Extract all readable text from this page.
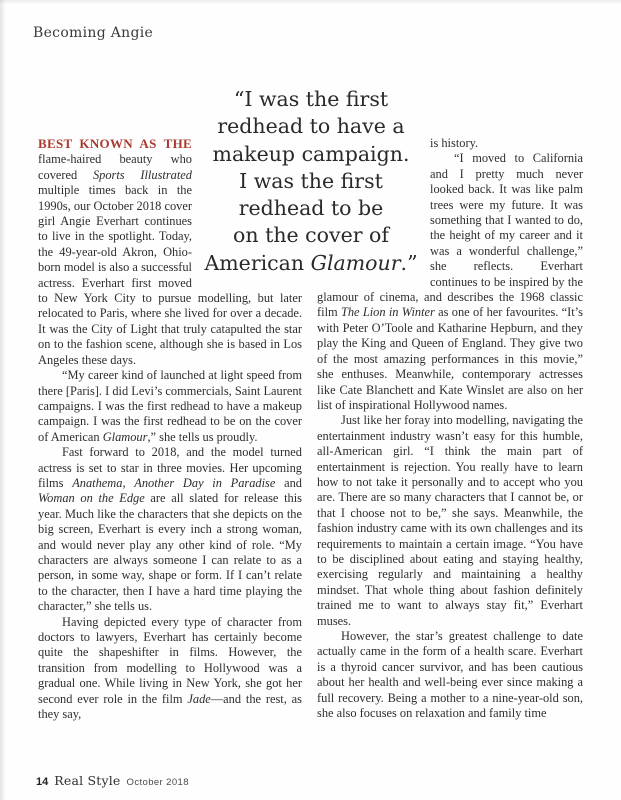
Becoming Angie
“I was the first
redhead to have a
makeup campaign.
I was the first
redhead to be
on the cover of
American Glamour.”

BEST KNOWN AS THE flame-haired beauty who covered Sports Illustrated multiple times back in the 1990s, our October 2018 cover girl Angie Everhart continues to live in the spotlight. Today, the 49-year-old Akron, Ohio-born model is also a successful actress. Everhart first moved to New York City to pursue modelling, but later relocated to Paris, where she lived for over a decade. It was the City of Light that truly catapulted the star on to the fashion scene, although she is based in Los Angeles these days.

“My career kind of launched at light speed from there [Paris]. I did Levi’s commercials, Saint Laurent campaigns. I was the first redhead to have a makeup campaign. I was the first redhead to be on the cover of American Glamour,” she tells us proudly.

Fast forward to 2018, and the model turned actress is set to star in three movies. Her upcoming films Anathema, Another Day in Paradise and Woman on the Edge are all slated for release this year. Much like the characters that she depicts on the big screen, Everhart is every inch a strong woman, and would never play any other kind of role. “My characters are always someone I can relate to as a person, in some way, shape or form. If I can’t relate to the character, then I have a hard time playing the character,” she tells us.

Having depicted every type of character from doctors to lawyers, Everhart has certainly become quite the shapeshifter in films. However, the transition from modelling to Hollywood was a gradual one. While living in New York, she got her second ever role in the film Jade—and the rest, as they say,

is history.

“I moved to California and I pretty much never looked back. It was like palm trees were my future. It was something that I wanted to do, the height of my career and it was a wonderful challenge,” she reflects. Everhart continues to be inspired by the glamour of cinema, and describes the 1968 classic film The Lion in Winter as one of her favourites. “It’s with Peter O’Toole and Katharine Hepburn, and they play the King and Queen of England. They give two of the most amazing performances in this movie,” she enthuses. Meanwhile, contemporary actresses like Cate Blanchett and Kate Winslet are also on her list of inspirational Hollywood names.

Just like her foray into modelling, navigating the entertainment industry wasn’t easy for this humble, all-American girl. “I think the main part of entertainment is rejection. You really have to learn how to not take it personally and to accept who you are. There are so many characters that I cannot be, or that I choose not to be,” she says. Meanwhile, the fashion industry came with its own challenges and its requirements to maintain a certain image. “You have to be disciplined about eating and staying healthy, exercising regularly and maintaining a healthy mindset. That whole thing about fashion definitely trained me to want to always stay fit,” Everhart muses.

However, the star’s greatest challenge to date actually came in the form of a health scare. Everhart is a thyroid cancer survivor, and has been cautious about her health and well-being ever since making a full recovery. Being a mother to a nine-year-old son, she also focuses on relaxation and family time

14 Real Style October 2018
